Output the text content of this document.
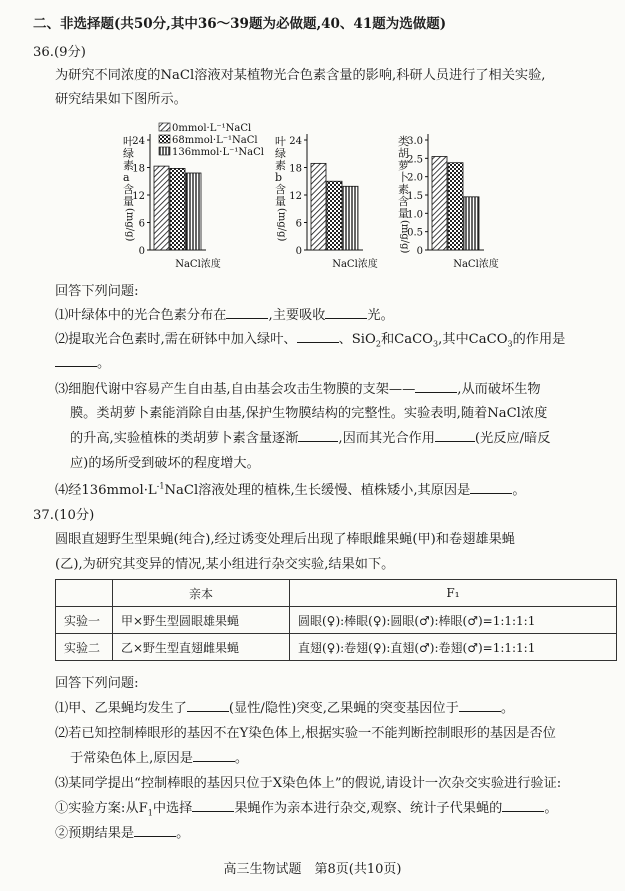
二、非选择题(共50分,其中36～39题为必做题,40、41题为选做题)
36.(9分)
为研究不同浓度的NaCl溶液对某植物光合色素含量的影响,科研人员进行了相关实验,
研究结果如下图所示。
0
6
12
18
24
NaCl浓度
叶
绿
素
a
含
量
(mg/g)
0mmol·L⁻¹NaCl
68mmol·L⁻¹NaCl
136mmol·L⁻¹NaCl
0
6
12
18
24
NaCl浓度
叶
绿
素
b
含
量
(mg/g)
0
0.5
1.0
1.5
2.0
2.5
3.0
NaCl浓度
类
胡
萝
卜
素
含
量
(mg/g)
回答下列问题:
⑴叶绿体中的光合色素分布在	,主要吸收	光。
⑵提取光合色素时,需在研钵中加入绿叶、	、SiO$_2$和CaCO$_3$,其中CaCO$_3$的作用是
。
⑶细胞代谢中容易产生自由基,自由基会攻击生物膜的支架——	,从而破坏生物
膜。类胡萝卜素能消除自由基,保护生物膜结构的完整性。实验表明,随着NaCl浓度
的升高,实验植株的类胡萝卜素含量逐渐	,因而其光合作用	(光反应/暗反
应)的场所受到破坏的程度增大。
⑷经$136mmol\cdot L^{-1}NaCl$溶液处理的植株,生长缓慢、植株矮小,其原因是	。
37.(10分)
圆眼直翅野生型果蝇(纯合),经过诱变处理后出现了棒眼雌果蝇(甲)和卷翅雄果蝇
(乙),为研究其变异的情况,某小组进行杂交实验,结果如下。
	亲本	F₁
实验一	甲×野生型圆眼雄果蝇	圆眼(♀):棒眼(♀):圆眼(♂):棒眼(♂)=1:1:1:1
实验二	乙×野生型直翅雌果蝇	直翅(♀):卷翅(♀):直翅(♂):卷翅(♂)=1:1:1:1
回答下列问题:
⑴甲、乙果蝇均发生了	(显性/隐性)突变,乙果蝇的突变基因位于	。
⑵若已知控制棒眼形的基因不在Y染色体上,根据实验一不能判断控制眼形的基因是否位
于常染色体上,原因是	。
⑶某同学提出“控制棒眼的基因只位于X染色体上”的假说,请设计一次杂交实验进行验证:
①实验方案:从$F_1$中选择	果蝇作为亲本进行杂交,观察、统计子代果蝇的	。
②预期结果是	。
高三生物试题　第8页(共10页)
